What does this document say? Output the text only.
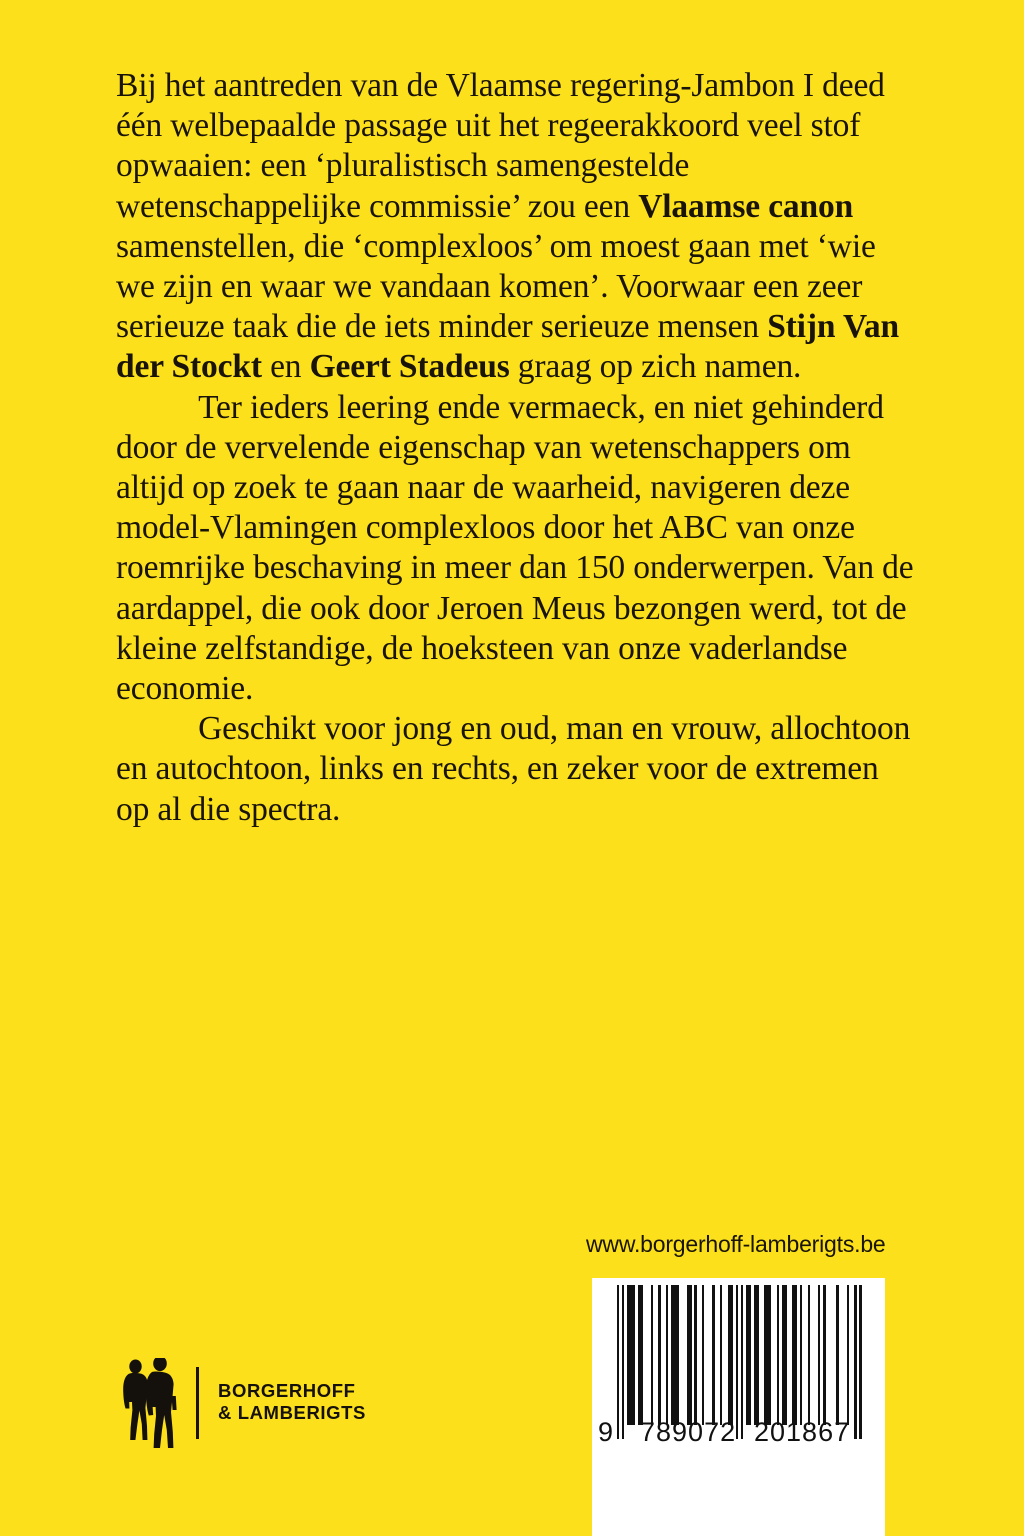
Bij het aantreden van de Vlaamse regering-Jambon I deed één welbepaalde passage uit het regeerakkoord veel stof opwaaien: een ‘pluralistisch samengestelde wetenschappelijke commissie’ zou een Vlaamse canon samenstellen, die ‘complexloos’ om moest gaan met ‘wie we zijn en waar we vandaan komen’. Voorwaar een zeer serieuze taak die de iets minder serieuze mensen Stijn Van der Stockt en Geert Stadeus graag op zich namen.

Ter ieders leering ende vermaeck, en niet gehinderd door de vervelende eigenschap van wetenschappers om altijd op zoek te gaan naar de waarheid, navigeren deze model-Vlamingen complexloos door het ABC van onze roemrijke beschaving in meer dan 150 onderwerpen. Van de aardappel, die ook door Jeroen Meus bezongen werd, tot de kleine zelfstandige, de hoeksteen van onze vaderlandse economie.

Geschikt voor jong en oud, man en vrouw, allochtoon en autochtoon, links en rechts, en zeker voor de extremen op al die spectra.

www.borgerhoff-lamberigts.be
9 789072 201867
BORGERHOFF
& LAMBERIGTS
